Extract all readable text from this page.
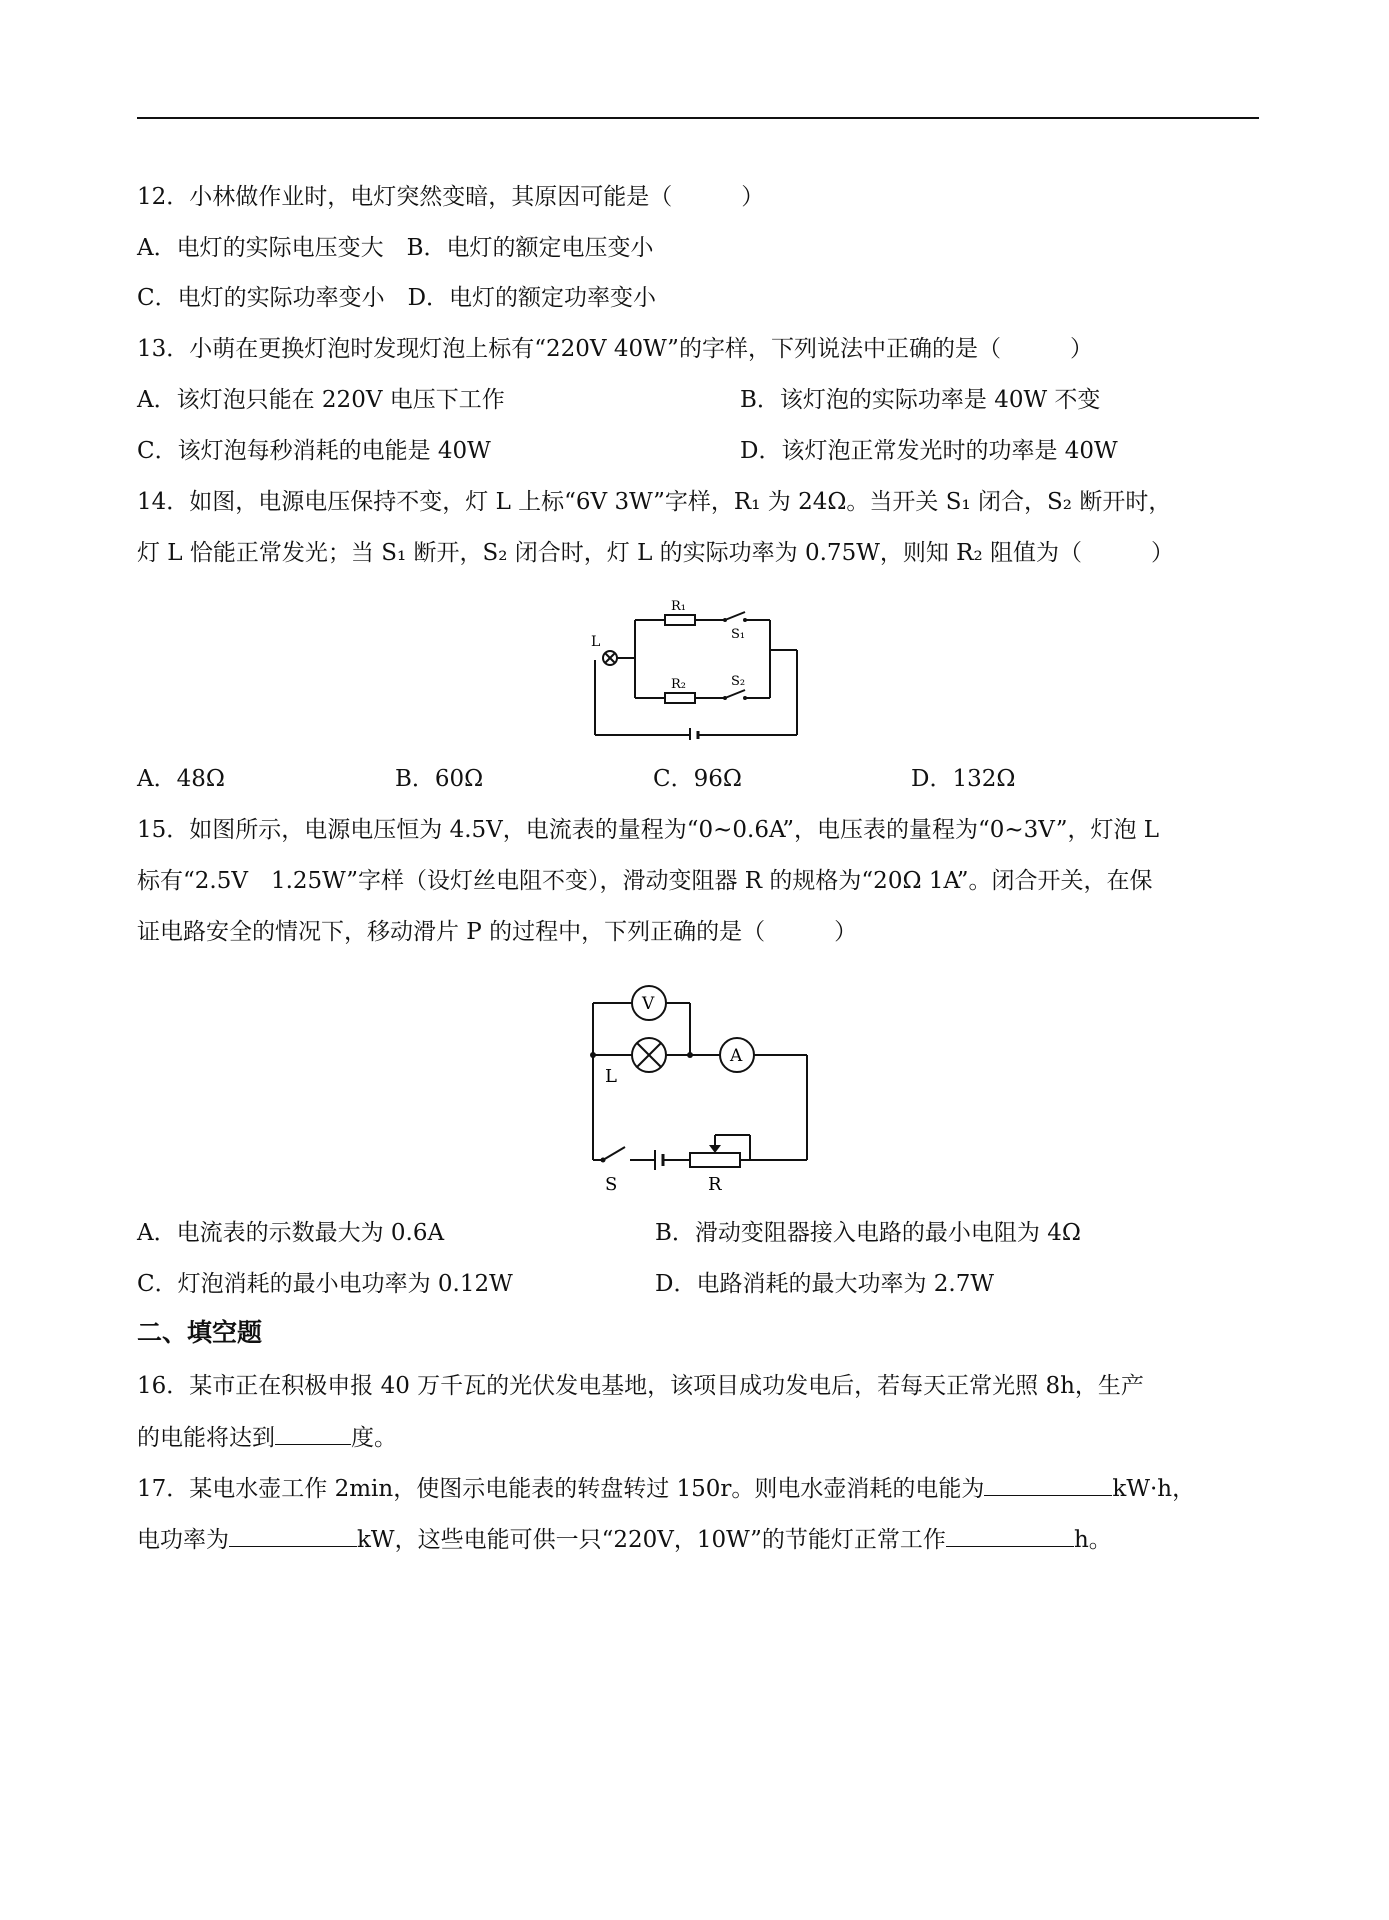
12．小林做作业时，电灯突然变暗，其原因可能是（　　　）
A．电灯的实际电压变大　B．电灯的额定电压变小
C．电灯的实际功率变小　D．电灯的额定功率变小
13．小萌在更换灯泡时发现灯泡上标有“220V 40W”的字样，下列说法中正确的是（　　　）
A．该灯泡只能在 220V 电压下工作	B．该灯泡的实际功率是 40W 不变
C．该灯泡每秒消耗的电能是 40W	D．该灯泡正常发光时的功率是 40W
14．如图，电源电压保持不变，灯 L 上标“6V 3W”字样，R₁ 为 24Ω。当开关 S₁ 闭合，S₂ 断开时，
灯 L 恰能正常发光；当 S₁ 断开，S₂ 闭合时，灯 L 的实际功率为 0.75W，则知 R₂ 阻值为（　　　）
L
R₁
S₁
R₂	S₂
A．48Ω	B．60Ω	C．96Ω	D．132Ω
15．如图所示，电源电压恒为 4.5V，电流表的量程为“0~0.6A”，电压表的量程为“0~3V”，灯泡 L
标有“2.5V　1.25W”字样（设灯丝电阻不变），滑动变阻器 R 的规格为“20Ω 1A”。闭合开关，在保
证电路安全的情况下，移动滑片 P 的过程中，下列正确的是（　　　）
V
A
L
S	R
A．电流表的示数最大为 0.6A	B．滑动变阻器接入电路的最小电阻为 4Ω
C．灯泡消耗的最小电功率为 0.12W	D．电路消耗的最大功率为 2.7W
二、填空题
16．某市正在积极申报 40 万千瓦的光伏发电基地，该项目成功发电后，若每天正常光照 8h，生产
的电能将达到	度。
17．某电水壶工作 2min，使图示电能表的转盘转过 150r。则电水壶消耗的电能为	kW·h，
电功率为	kW，这些电能可供一只“220V，10W”的节能灯正常工作	h。
